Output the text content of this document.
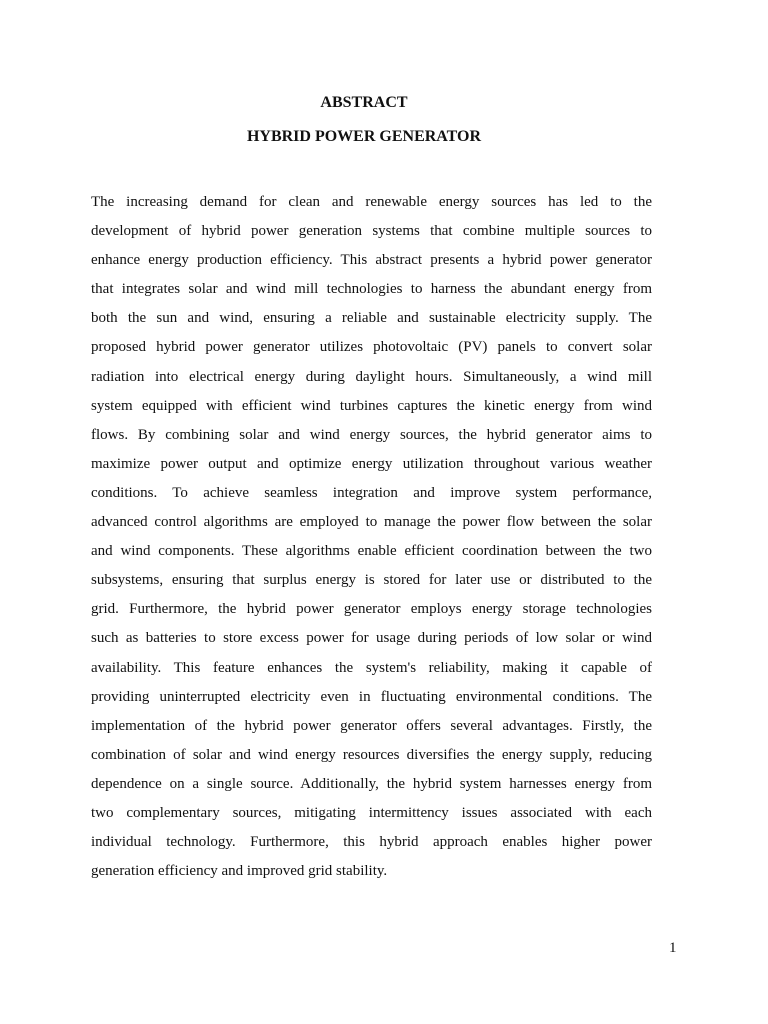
ABSTRACT
HYBRID POWER GENERATOR
The increasing demand for clean and renewable energy sources has led to the
development of hybrid power generation systems that combine multiple sources to
enhance energy production efficiency. This abstract presents a hybrid power generator
that integrates solar and wind mill technologies to harness the abundant energy from
both the sun and wind, ensuring a reliable and sustainable electricity supply. The
proposed hybrid power generator utilizes photovoltaic (PV) panels to convert solar
radiation into electrical energy during daylight hours. Simultaneously, a wind mill
system equipped with efficient wind turbines captures the kinetic energy from wind
flows. By combining solar and wind energy sources, the hybrid generator aims to
maximize power output and optimize energy utilization throughout various weather
conditions. To achieve seamless integration and improve system performance,
advanced control algorithms are employed to manage the power flow between the solar
and wind components. These algorithms enable efficient coordination between the two
subsystems, ensuring that surplus energy is stored for later use or distributed to the
grid. Furthermore, the hybrid power generator employs energy storage technologies
such as batteries to store excess power for usage during periods of low solar or wind
availability. This feature enhances the system's reliability, making it capable of
providing uninterrupted electricity even in fluctuating environmental conditions. The
implementation of the hybrid power generator offers several advantages. Firstly, the
combination of solar and wind energy resources diversifies the energy supply, reducing
dependence on a single source. Additionally, the hybrid system harnesses energy from
two complementary sources, mitigating intermittency issues associated with each
individual technology. Furthermore, this hybrid approach enables higher power
generation efficiency and improved grid stability.
1
